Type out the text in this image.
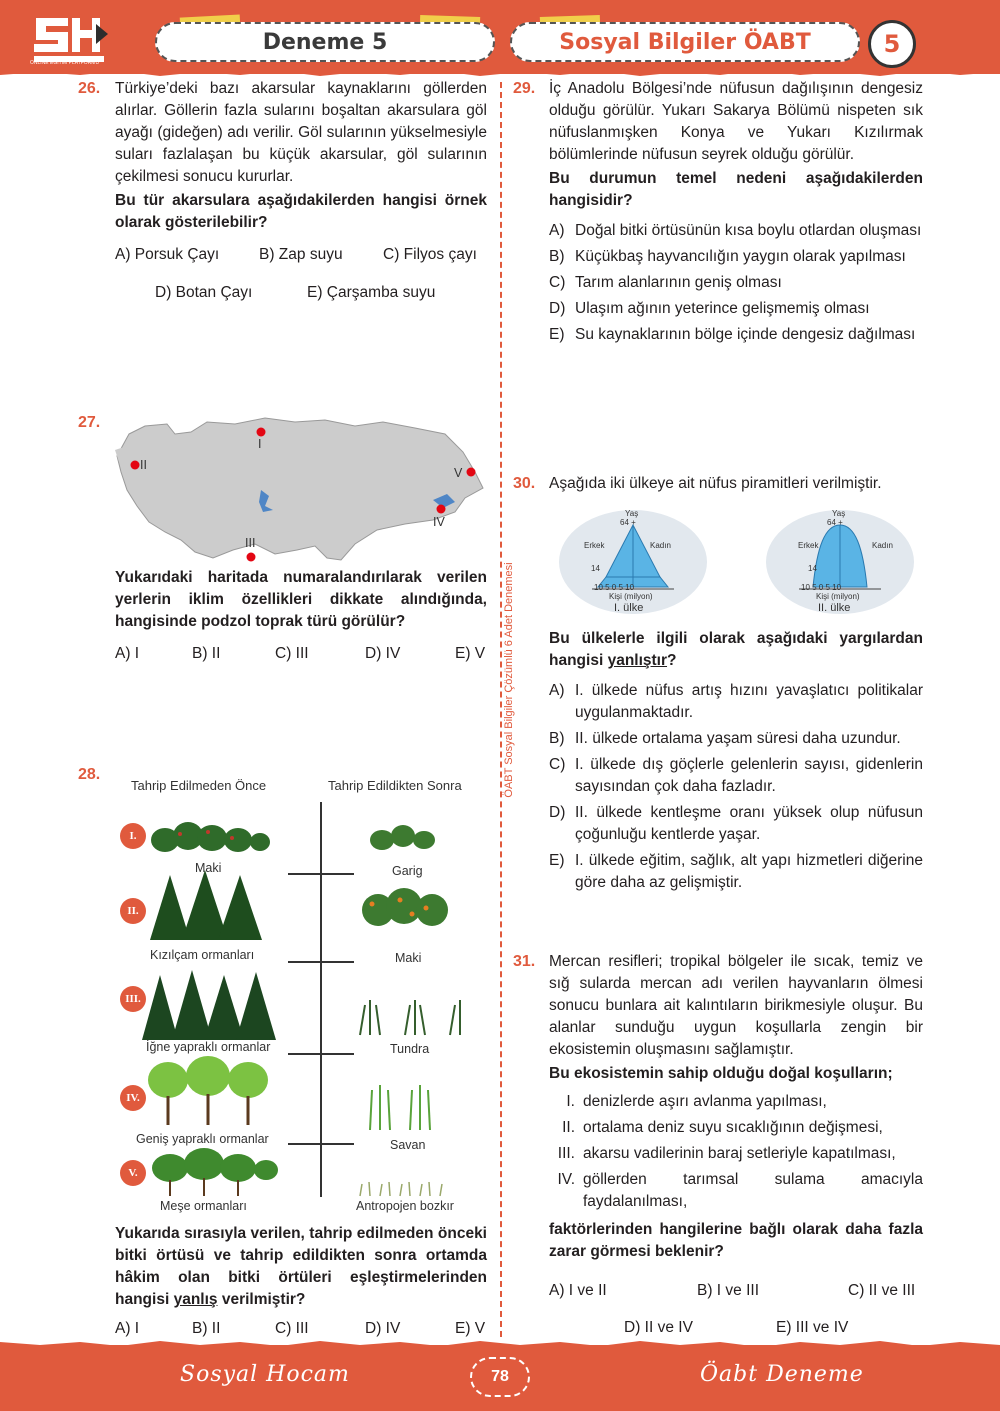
ONLINE EĞİTİM PLATFORMU
Deneme 5	Sosyal Bilgiler ÖABT	5
ÖABT Sosyal Bilgiler Çözümlü 6 Adet Denemesi
26. Türkiye’deki bazı akarsular kaynaklarını göllerden alırlar. Göllerin fazla sularını boşaltan akarsulara göl ayağı (gideğen) adı verilir. Göl sularının yükselmesiyle suları fazlalaşan bu küçük akarsular, göl sularının çekilmesi sonucu kururlar.
Bu tür akarsulara aşağıdakilerden hangisi örnek olarak gösterilebilir?
A) Porsuk Çayı	B) Zap suyu	C) Filyos çayı
D) Botan Çayı	E) Çarşamba suyu
27.
I
II
III
IV
V
Yukarıdaki haritada numaralandırılarak verilen yerlerin iklim özellikleri dikkate alındığında, hangisinde podzol toprak türü görülür?
A) I	B) II	C) III	D) IV	E) V
28.
Tahrip Edilmeden Önce	Tahrip Edildikten Sonra
I.
II.
III.
IV.
V.
Maki	Garig
Kızılçam ormanları	Maki
İğne yapraklı ormanlar	Tundra
Geniş yapraklı ormanlar	Savan
Meşe ormanları	Antropojen bozkır
Yukarıda sırasıyla verilen, tahrip edilmeden önceki bitki örtüsü ve tahrip edildikten sonra ortamda hâkim olan bitki örtüleri eşleştirmelerinden hangisi yanlış verilmiştir?
A) I	B) II	C) III	D) IV	E) V
29. İç Anadolu Bölgesi’nde nüfusun dağılışının dengesiz olduğu görülür. Yukarı Sakarya Bölümü nispeten sık nüfuslanmışken Konya ve Yukarı Kızılırmak bölümlerinde nüfusun seyrek olduğu görülür.
Bu durumun temel nedeni aşağıdakilerden hangisidir?
A) Doğal bitki örtüsünün kısa boylu otlardan oluşması
B) Küçükbaş hayvancılığın yaygın olarak yapılması
C) Tarım alanlarının geniş olması
D) Ulaşım ağının yeterince gelişmemiş olması
E) Su kaynaklarının bölge içinde dengesiz dağılması
30. Aşağıda iki ülkeye ait nüfus piramitleri verilmiştir.
Yaş
64 +
Erkek	Kadın
14
10 5 0 5 10
Kişi (milyon)
I. ülke
Yaş
64 +
Erkek	Kadın
14
10 5 0 5 10
Kişi (milyon)
II. ülke
Bu ülkelerle ilgili olarak aşağıdaki yargılardan hangisi yanlıştır?
A) I. ülkede nüfus artış hızını yavaşlatıcı politikalar uygulanmaktadır.
B) II. ülkede ortalama yaşam süresi daha uzundur.
C) I. ülkede dış göçlerle gelenlerin sayısı, gidenlerin sayısından çok daha fazladır.
D) II. ülkede kentleşme oranı yüksek olup nüfusun çoğunluğu kentlerde yaşar.
E) I. ülkede eğitim, sağlık, alt yapı hizmetleri diğerine göre daha az gelişmiştir.
31. Mercan resifleri; tropikal bölgeler ile sıcak, temiz ve sığ sularda mercan adı verilen hayvanların ölmesi sonucu bunlara ait kalıntıların birikmesiyle oluşur. Bu alanlar sunduğu uygun koşullarla zengin bir ekosistemin oluşmasını sağlamıştır.
Bu ekosistemin sahip olduğu doğal koşulların;
I. denizlerde aşırı avlanma yapılması,
II. ortalama deniz suyu sıcaklığının değişmesi,
III. akarsu vadilerinin baraj setleriyle kapatılması,
IV. göllerden tarımsal sulama amacıyla faydalanılması,
faktörlerinden hangilerine bağlı olarak daha fazla zarar görmesi beklenir?
A) I ve II	B) I ve III	C) II ve III
D) II ve IV	E) III ve IV
Sosyal Hocam	78	Öabt Deneme
